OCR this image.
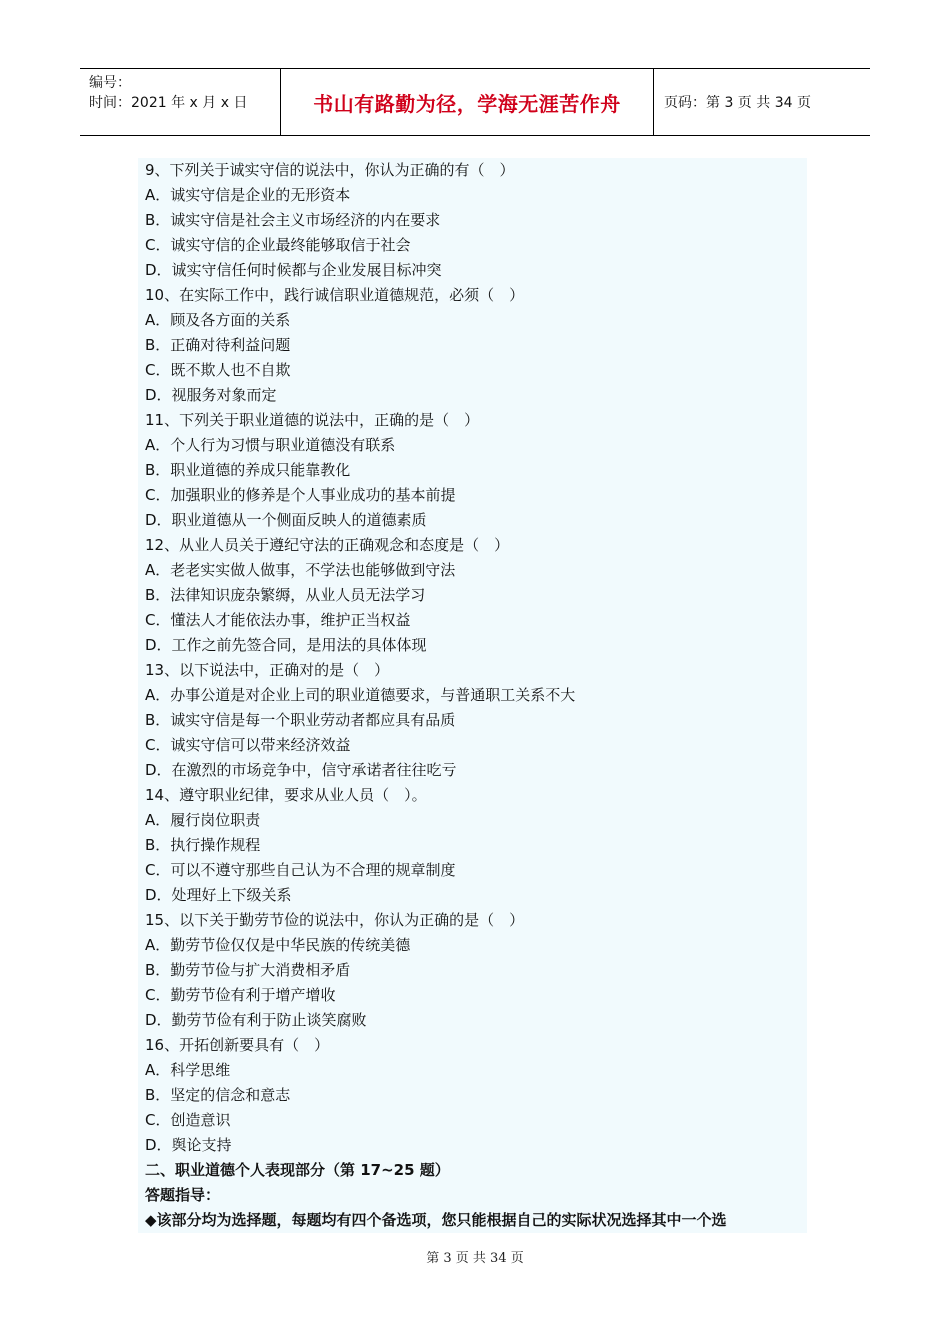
编号：
时间：2021 年 x 月 x 日	书山有路勤为径，学海无涯苦作舟	页码：第 3 页 共 34 页
9、下列关于诚实守信的说法中，你认为正确的有（　）
A．诚实守信是企业的无形资本
B．诚实守信是社会主义市场经济的内在要求
C．诚实守信的企业最终能够取信于社会
D．诚实守信任何时候都与企业发展目标冲突
10、在实际工作中，践行诚信职业道德规范，必须（　）
A．顾及各方面的关系
B．正确对待利益问题
C．既不欺人也不自欺
D．视服务对象而定
11、下列关于职业道德的说法中，正确的是（　）
A．个人行为习惯与职业道德没有联系
B．职业道德的养成只能靠教化
C．加强职业的修养是个人事业成功的基本前提
D．职业道德从一个侧面反映人的道德素质
12、从业人员关于遵纪守法的正确观念和态度是（　）
A．老老实实做人做事，不学法也能够做到守法
B．法律知识庞杂繁缛，从业人员无法学习
C．懂法人才能依法办事，维护正当权益
D．工作之前先签合同，是用法的具体体现
13、以下说法中，正确对的是（　）
A．办事公道是对企业上司的职业道德要求，与普通职工关系不大
B．诚实守信是每一个职业劳动者都应具有品质
C．诚实守信可以带来经济效益
D．在激烈的市场竞争中，信守承诺者往往吃亏
14、遵守职业纪律，要求从业人员（　）。
A．履行岗位职责
B．执行操作规程
C．可以不遵守那些自己认为不合理的规章制度
D．处理好上下级关系
15、以下关于勤劳节俭的说法中，你认为正确的是（　）
A．勤劳节俭仅仅是中华民族的传统美德
B．勤劳节俭与扩大消费相矛盾
C．勤劳节俭有利于增产增收
D．勤劳节俭有利于防止谈笑腐败
16、开拓创新要具有（　）
A．科学思维
B．坚定的信念和意志
C．创造意识
D．舆论支持
二、职业道德个人表现部分（第 17~25 题）
答题指导：
◆该部分均为选择题，每题均有四个备选项，您只能根据自己的实际状况选择其中一个选
第 3 页 共 34 页
